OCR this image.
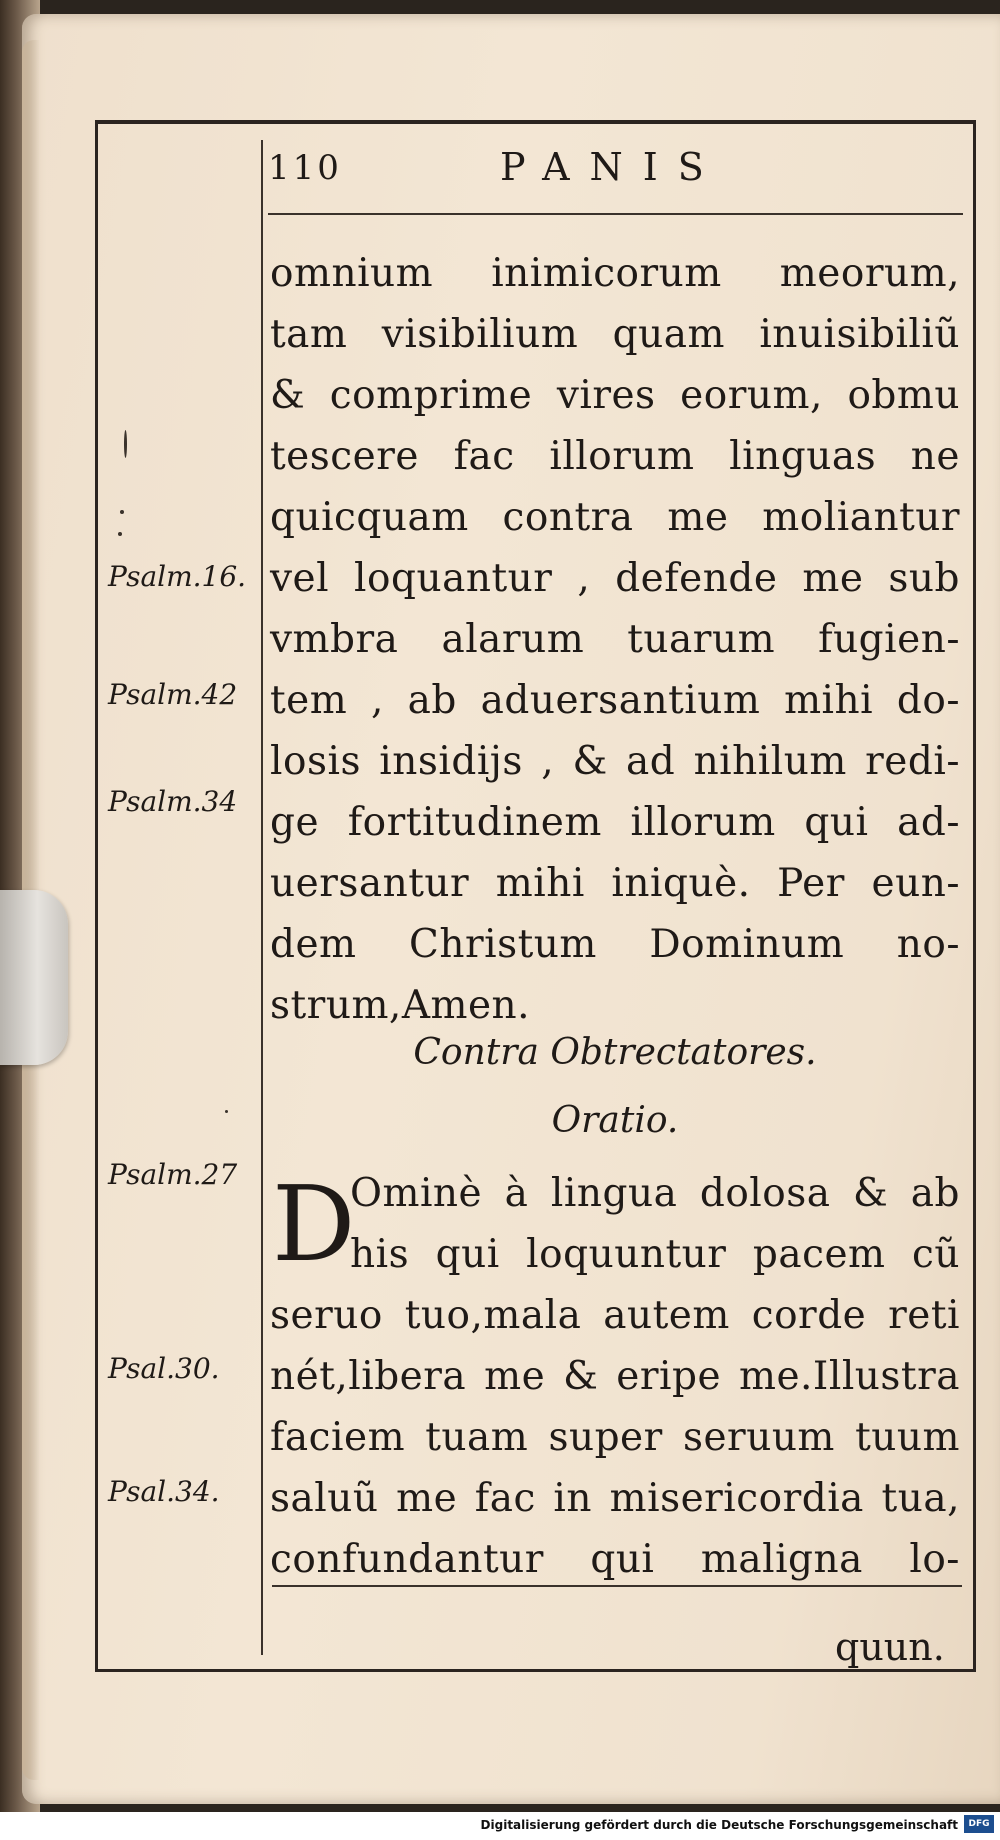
110	PANIS
omnium inimicorum meorum,
tam visibilium quam inuisibiliũ
& comprime vires eorum, obmu
tescere fac illorum linguas ne
quicquam contra me moliantur
vel loquantur , defende me sub
vmbra alarum tuarum fugien-
tem , ab aduersantium mihi do-
losis insidijs , & ad nihilum redi-
ge fortitudinem illorum qui ad-
uersantur mihi iniquè. Per eun-
dem Christum Dominum no-
strum,Amen.
Contra Obtrectatores.
Oratio.
D
Ominè à lingua dolosa & ab
his qui loquuntur pacem cũ
seruo tuo,mala autem corde reti
nét,libera me & eripe me.Illustra
faciem tuam super seruum tuum
saluũ me fac in misericordia tua,
confundantur qui maligna lo-
Psalm.16.
Psalm.42
Psalm.34
Psalm.27
Psal.30.
Psal.34.
quun.
Digitalisierung gefördert durch die Deutsche Forschungsgemeinschaft	DFG
